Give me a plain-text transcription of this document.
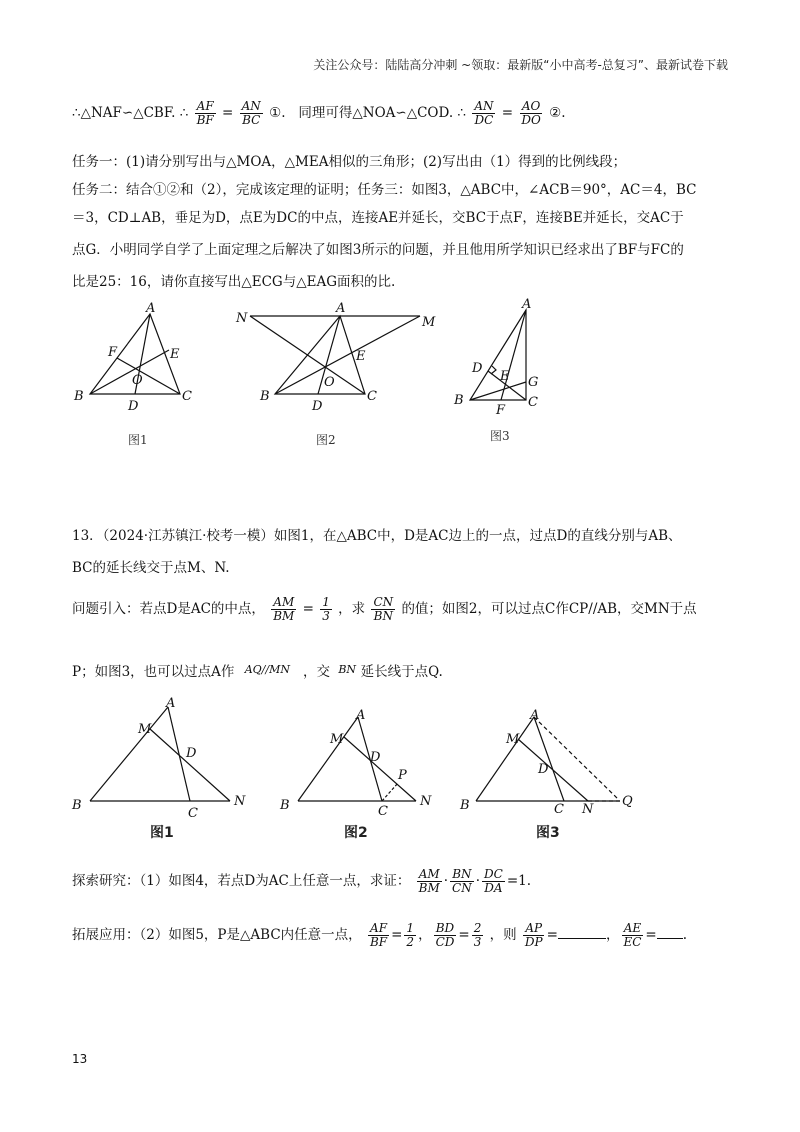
关注公众号：陆陆高分冲刺 ~领取：最新版“小中高考-总复习”、最新试卷下载
∴△NAF∽△CBF. ∴ $\frac{AF}{BF} = \frac{AN}{BC}$ ①. 同理可得△NOA∽△COD. ∴ $\frac{AN}{DC} = \frac{AO}{DO}$ ②.
任务一：(1)请分别写出与△MOA，△MEA相似的三角形；(2)写出由（1）得到的比例线段；
任务二：结合①②和（2），完成该定理的证明；任务三：如图3，△ABC中，∠ACB＝90°，AC＝4，BC
＝3，CD⊥AB，垂足为D，点E为DC的中点，连接AE并延长，交BC于点F，连接BE并延长，交AC于
点G．小明同学自学了上面定理之后解决了如图3所示的问题，并且他用所学知识已经求出了BF与FC的
比是25：16，请你直接写出△ECG与△EAG面积的比.
A
B	C
D
E
F
O
图1
N	M
A
B	C
D
E
O
图2
A
B	C
D
E
F
G
图3
13．（2024·江苏镇江·校考一模）如图1，在△ABC中，D是AC边上的一点，过点D的直线分别与AB、
BC的延长线交于点M、N.
问题引入：若点D是AC的中点， $\frac{AM}{BM} = \frac{1}{3}$ ，求 $\frac{CN}{BN}$ 的值；如图2，可以过点C作CP//AB，交MN于点
P；如图3，也可以过点A作 AQ//MN ，交 BN 延长线于点Q.
A
M
D
B
C
N
图1
A
M
D
P
B	C
N
图2
A
M
D
B	C N
Q
图3
探索研究：（1）如图4，若点D为AC上任意一点，求证： $\frac{AM}{BM} \cdot \frac{BN}{CN} \cdot \frac{DC}{DA} =1$.
拓展应用：（2）如图5，P是△ABC内任意一点， $\frac{AF}{BF} = \frac{1}{2}$ ， $\frac{BD}{CD} = \frac{2}{3}$ ，则 $\frac{AP}{DP}$ =	， $\frac{AE}{EC}$ = .
13
